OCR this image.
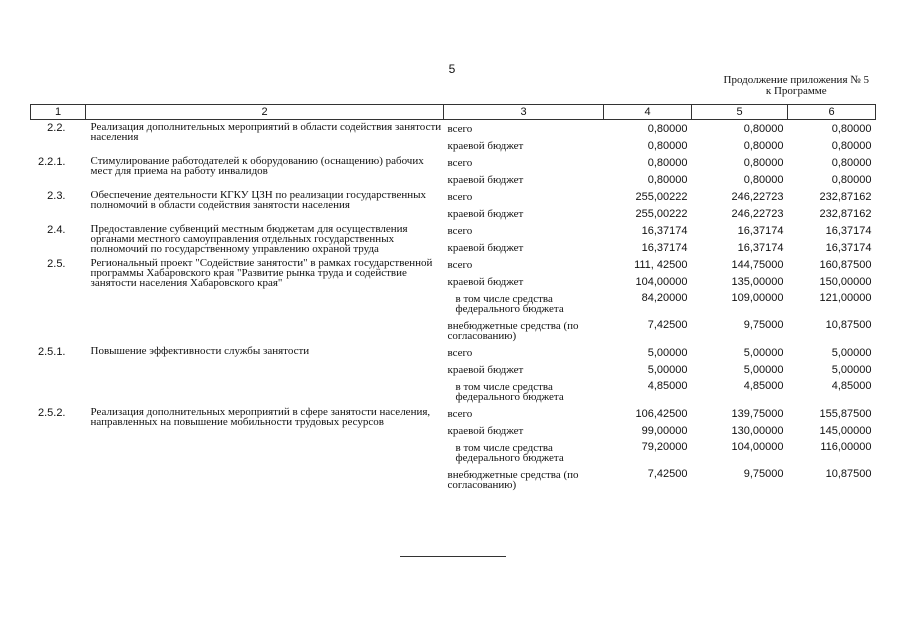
5
Продолжение приложения № 5
к Программе
1	2	3	4	5	6
2.2.	Реализация дополнительных мероприятий в области содействия занятости населения	всего	0,80000	0,80000	0,80000
		краевой бюджет	0,80000	0,80000	0,80000
2.2.1.	Стимулирование работодателей к оборудованию (оснащению) рабочих мест для приема на работу инвалидов	всего	0,80000	0,80000	0,80000
		краевой бюджет	0,80000	0,80000	0,80000
2.3.	Обеспечение деятельности КГКУ ЦЗН по реализации государственных полномочий в области содействия занятости населения	всего	255,00222	246,22723	232,87162
		краевой бюджет	255,00222	246,22723	232,87162
2.4.	Предоставление субвенций местным бюджетам для осуществления органами местного самоуправления отдельных государственных полномочий по государственному управлению охраной труда	всего	16,37174	16,37174	16,37174
		краевой бюджет	16,37174	16,37174	16,37174
2.5.	Региональный проект "Содействие занятости" в рамках государственной программы Хабаровского края "Развитие рынка труда и содействие занятости населения Хабаровского края"	всего	111, 42500	144,75000	160,87500
		краевой бюджет	104,00000	135,00000	150,00000
		в том числе средства федерального бюджета	84,20000	109,00000	121,00000
		внебюджетные средства (по согласованию)	7,42500	9,75000	10,87500
2.5.1.	Повышение эффективности службы занятости	всего	5,00000	5,00000	5,00000
		краевой бюджет	5,00000	5,00000	5,00000
		в том числе средства федерального бюджета	4,85000	4,85000	4,85000
2.5.2.	Реализация дополнительных мероприятий в сфере занятости населения, направленных на повышение мобильности трудовых ресурсов	всего	106,42500	139,75000	155,87500
		краевой бюджет	99,00000	130,00000	145,00000
		в том числе средства федерального бюджета	79,20000	104,00000	116,00000
		внебюджетные средства (по согласованию)	7,42500	9,75000	10,87500
